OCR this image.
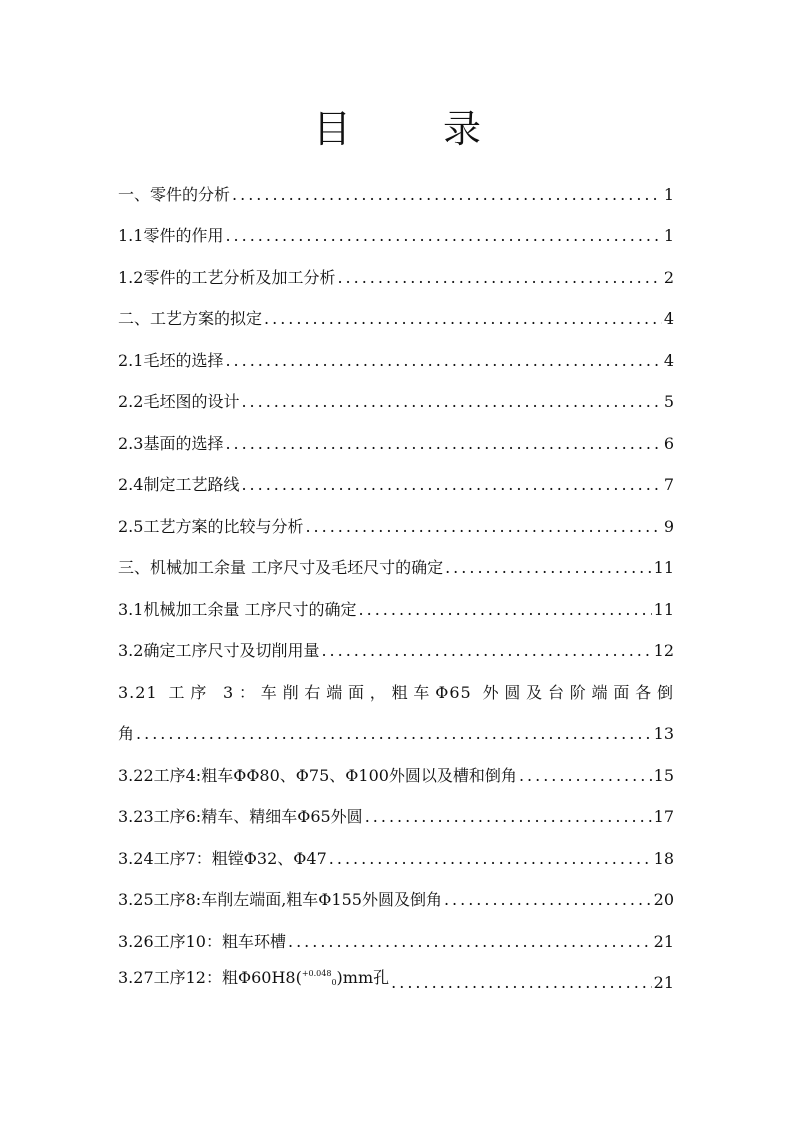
目 录
一、零件的分析 .....	1
1.1零件的作用 .....	1
1.2零件的工艺分析及加工分析 .....	2
二、工艺方案的拟定 .....	4
2.1毛坯的选择 .....	4
2.2毛坯图的设计 .....	5
2.3基面的选择 .....	6
2.4制定工艺路线 .....	7
2.5工艺方案的比较与分析 .....	9
三、机械加工余量 工序尺寸及毛坯尺寸的确定 .....	11
3.1机械加工余量 工序尺寸的确定 .....	11
3.2确定工序尺寸及切削用量 .....	12
3.21 工序 3：车削右端面，粗车Φ65 外圆及台阶端面各倒
角 .....	13
3.22工序4:粗车ΦΦ80、Φ75、Φ100外圆以及槽和倒角 .....	15
3.23工序6:精车、精细车Φ65外圆 .....	17
3.24工序7：粗镗Φ32、Φ47 .....	18
3.25工序8:车削左端面,粗车Φ155外圆及倒角 .....	20
3.26工序10：粗车环槽 .....	21
3.27工序12：粗Φ60H8($^{+0.048}_0$)mm孔 .....	21
